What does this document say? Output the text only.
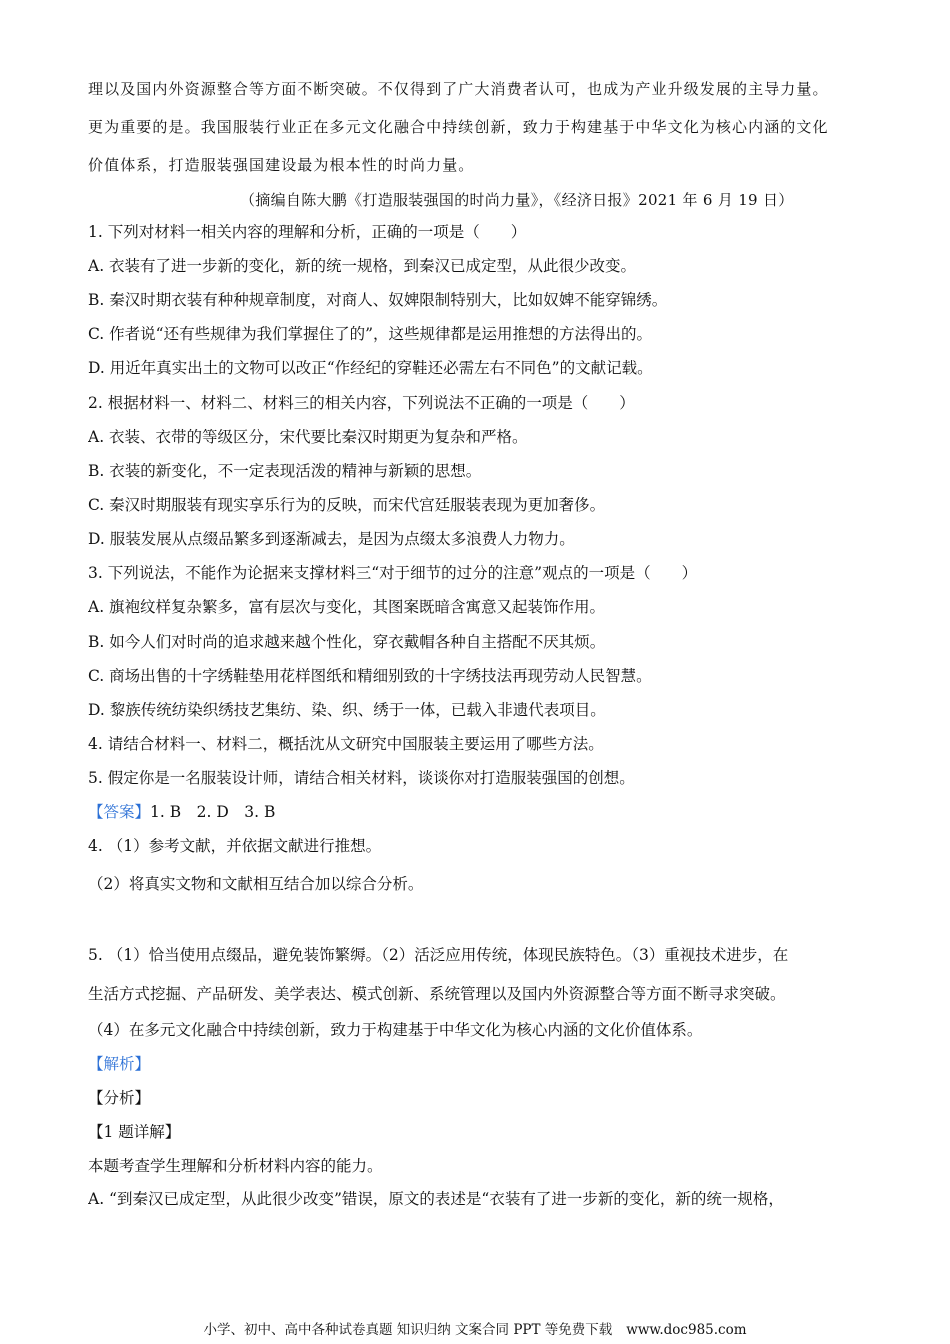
理以及国内外资源整合等方面不断突破。不仅得到了广大消费者认可，也成为产业升级发展的主导力量。
更为重要的是。我国服装行业正在多元文化融合中持续创新，致力于构建基于中华文化为核心内涵的文化
价值体系，打造服装强国建设最为根本性的时尚力量。
（摘编自陈大鹏《打造服装强国的时尚力量》，《经济日报》2021 年 6 月 19 日）
1. 下列对材料一相关内容的理解和分析，正确的一项是（　　）
A. 衣装有了进一步新的变化，新的统一规格，到秦汉已成定型，从此很少改变。
B. 秦汉时期衣装有种种规章制度，对商人、奴婢限制特别大，比如奴婢不能穿锦绣。
C. 作者说“还有些规律为我们掌握住了的”，这些规律都是运用推想的方法得出的。
D. 用近年真实出土的文物可以改正“作经纪的穿鞋还必需左右不同色”的文献记载。
2. 根据材料一、材料二、材料三的相关内容，下列说法不正确的一项是（　　）
A. 衣装、衣带的等级区分，宋代要比秦汉时期更为复杂和严格。
B. 衣装的新变化，不一定表现活泼的精神与新颖的思想。
C. 秦汉时期服装有现实享乐行为的反映，而宋代宫廷服装表现为更加奢侈。
D. 服装发展从点缀品繁多到逐渐减去，是因为点缀太多浪费人力物力。
3. 下列说法，不能作为论据来支撑材料三“对于细节的过分的注意”观点的一项是（　　）
A. 旗袍纹样复杂繁多，富有层次与变化，其图案既暗含寓意又起装饰作用。
B. 如今人们对时尚的追求越来越个性化，穿衣戴帽各种自主搭配不厌其烦。
C. 商场出售的十字绣鞋垫用花样图纸和精细别致的十字绣技法再现劳动人民智慧。
D. 黎族传统纺染织绣技艺集纺、染、织、绣于一体，已载入非遗代表项目。
4. 请结合材料一、材料二，概括沈从文研究中国服装主要运用了哪些方法。
5. 假定你是一名服装设计师，请结合相关材料，谈谈你对打造服装强国的创想。
【答案】1. B　2. D　3. B
4. （1）参考文献，并依据文献进行推想。
（2）将真实文物和文献相互结合加以综合分析。
5. （1）恰当使用点缀品，避免装饰繁缛。（2）活泛应用传统，体现民族特色。（3）重视技术进步，在
生活方式挖掘、产品研发、美学表达、模式创新、系统管理以及国内外资源整合等方面不断寻求突破。
（4）在多元文化融合中持续创新，致力于构建基于中华文化为核心内涵的文化价值体系。
【解析】
【分析】
【1 题详解】
本题考查学生理解和分析材料内容的能力。
A. “到秦汉已成定型，从此很少改变”错误，原文的表述是“衣装有了进一步新的变化，新的统一规格，
小学、初中、高中各种试卷真题 知识归纳 文案合同 PPT 等免费下载 www.doc985.com
